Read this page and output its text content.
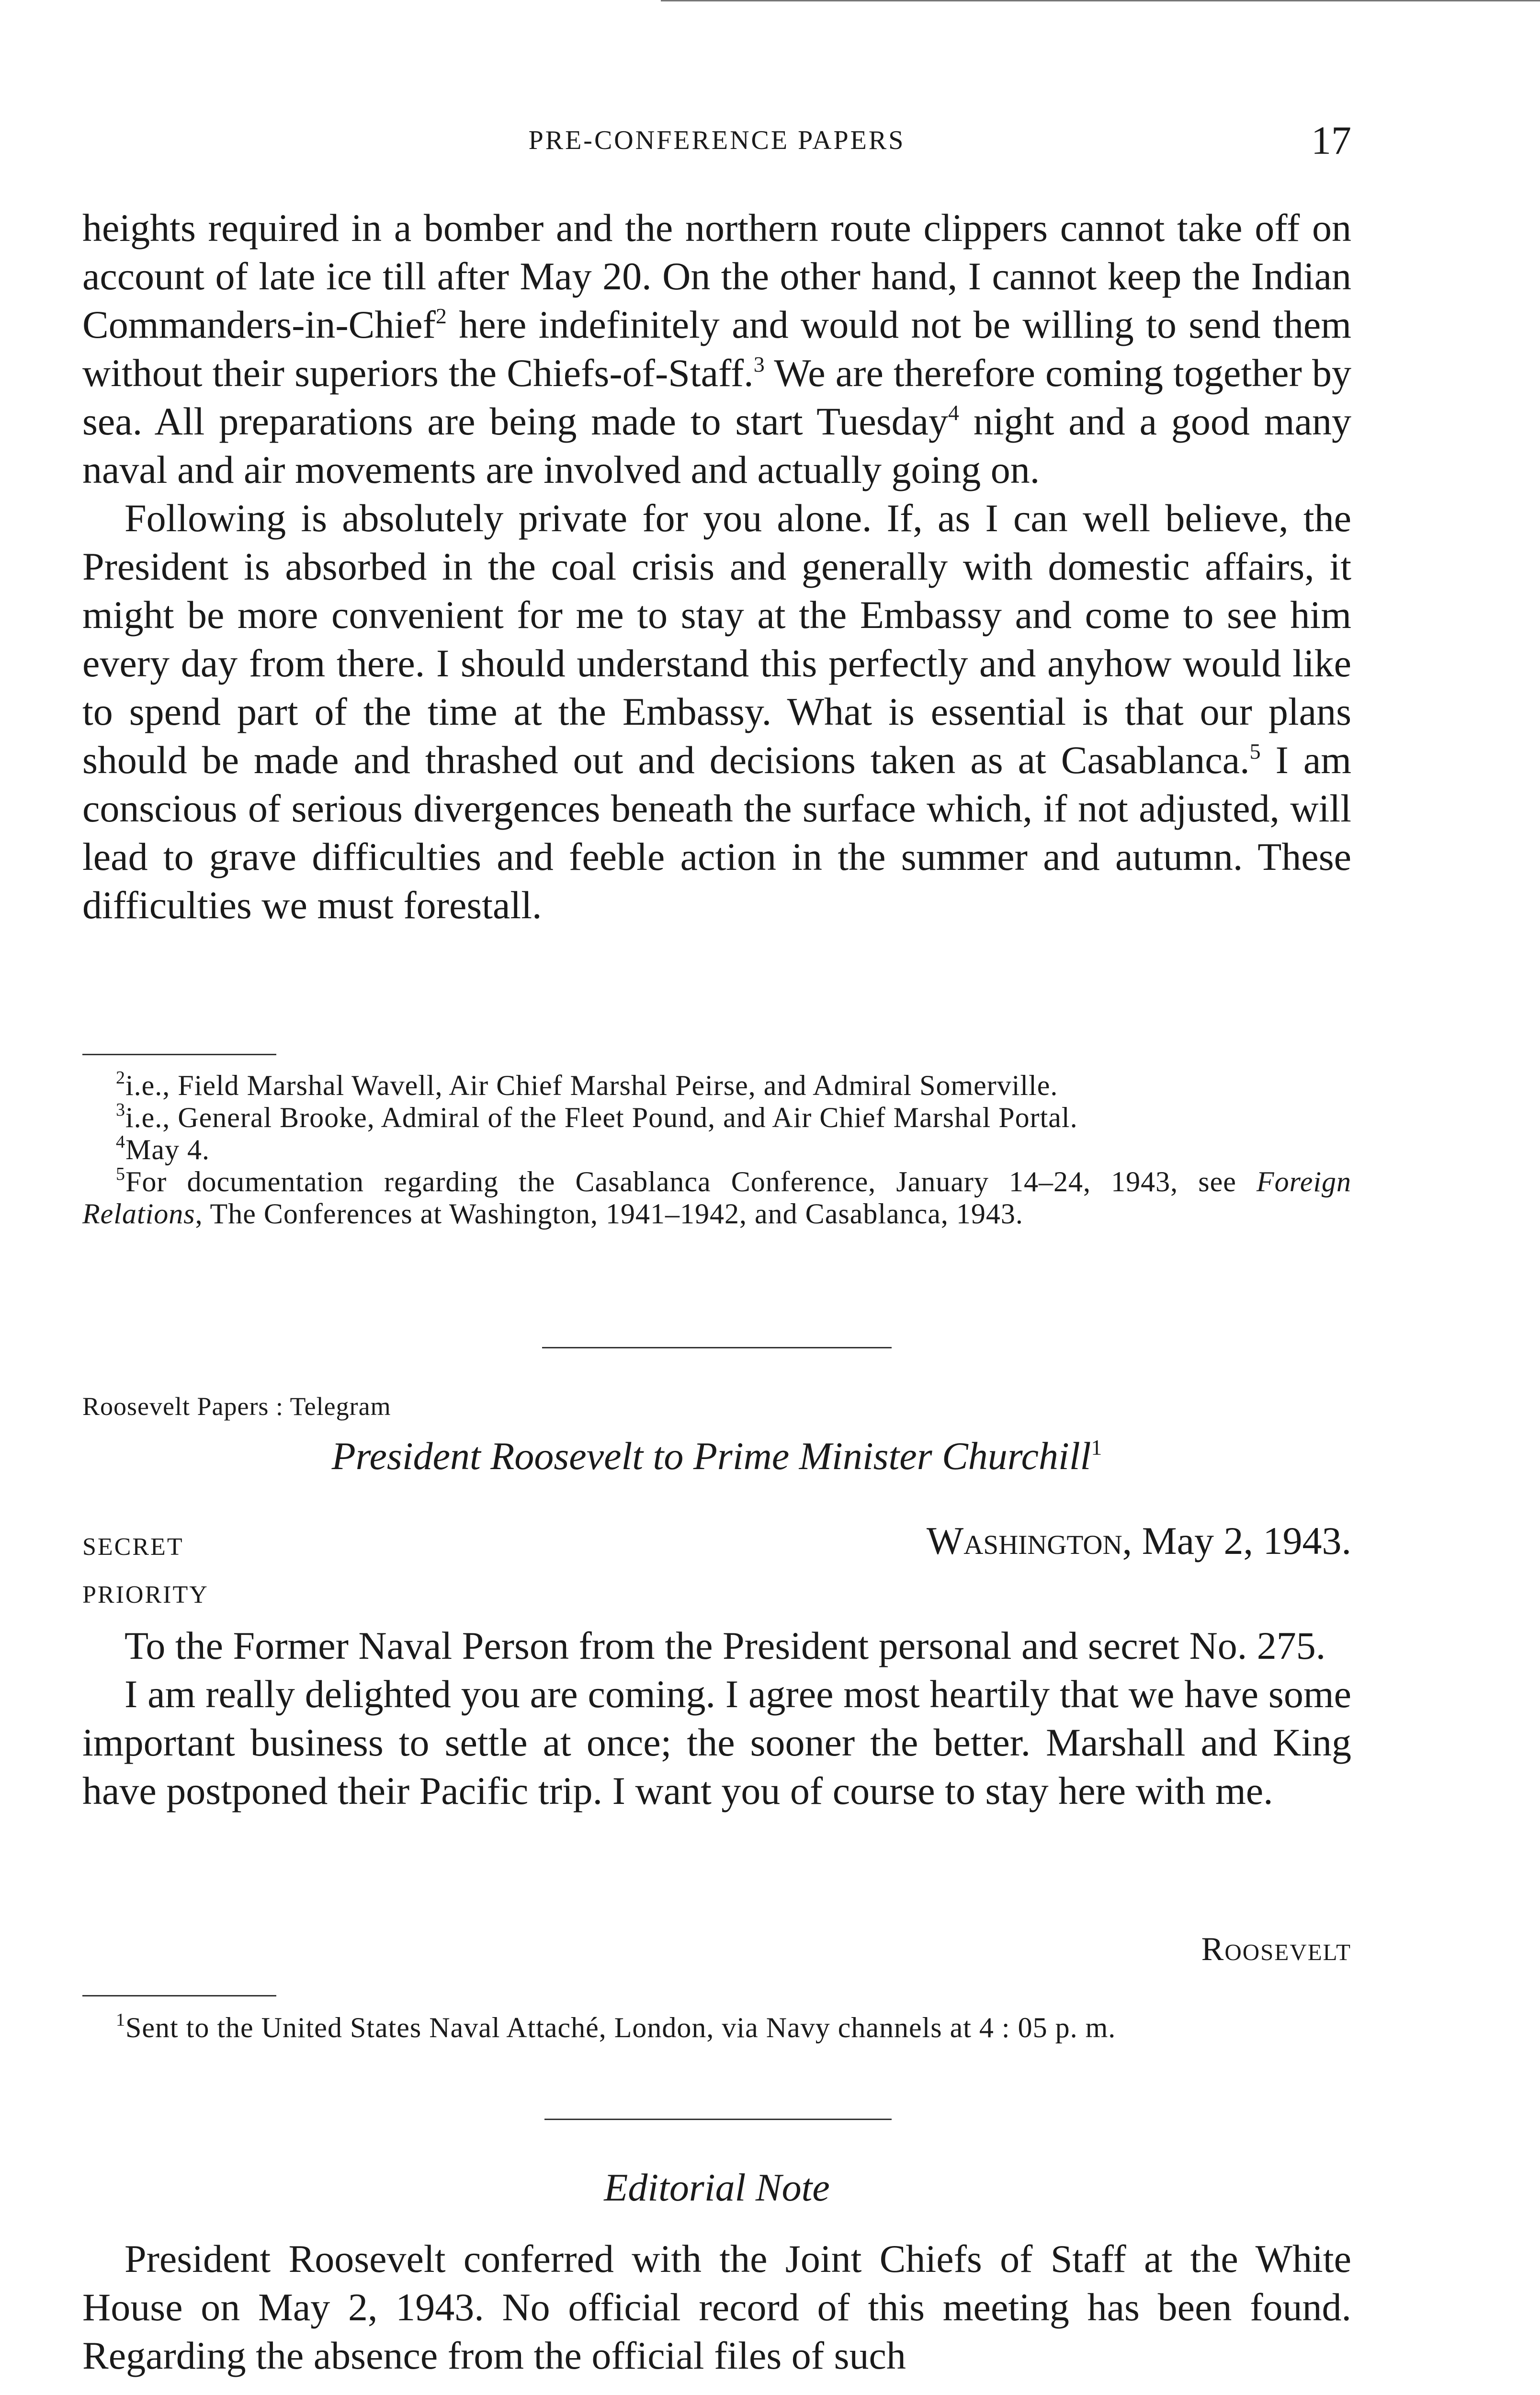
PRE-CONFERENCE PAPERS	17

heights required in a bomber and the northern route clippers cannot take off on account of late ice till after May 20. On the other hand, I cannot keep the Indian Commanders-in-Chief$^2$ here indefinitely and would not be willing to send them without their superiors the Chiefs-of-Staff.$^3$ We are therefore coming together by sea. All preparations are being made to start Tuesday$^4$ night and a good many naval and air movements are involved and actually going on.

Following is absolutely private for you alone. If, as I can well believe, the President is absorbed in the coal crisis and generally with domestic affairs, it might be more convenient for me to stay at the Embassy and come to see him every day from there. I should understand this perfectly and anyhow would like to spend part of the time at the Embassy. What is essential is that our plans should be made and thrashed out and decisions taken as at Casablanca.$^5$ I am conscious of serious divergences beneath the surface which, if not adjusted, will lead to grave difficulties and feeble action in the summer and autumn. These difficulties we must forestall.

$^2$i.e., Field Marshal Wavell, Air Chief Marshal Peirse, and Admiral Somerville.

$^3$i.e., General Brooke, Admiral of the Fleet Pound, and Air Chief Marshal Portal.

$^4$May 4.

$^5$For documentation regarding the Casablanca Conference, January 14–24, 1943, see Foreign Relations, The Conferences at Washington, 1941–1942, and Casablanca, 1943.

Roosevelt Papers : Telegram
President Roosevelt to Prime Minister Churchill$^1$
SECRET	Washington, May 2, 1943.
PRIORITY

To the Former Naval Person from the President personal and secret No. 275.

I am really delighted you are coming. I agree most heartily that we have some important business to settle at once; the sooner the better. Marshall and King have postponed their Pacific trip. I want you of course to stay here with me.

Roosevelt

$^1$Sent to the United States Naval Attaché, London, via Navy channels at 4 : 05 p. m.

Editorial Note

President Roosevelt conferred with the Joint Chiefs of Staff at the White House on May 2, 1943. No official record of this meeting has been found. Regarding the absence from the official files of such
